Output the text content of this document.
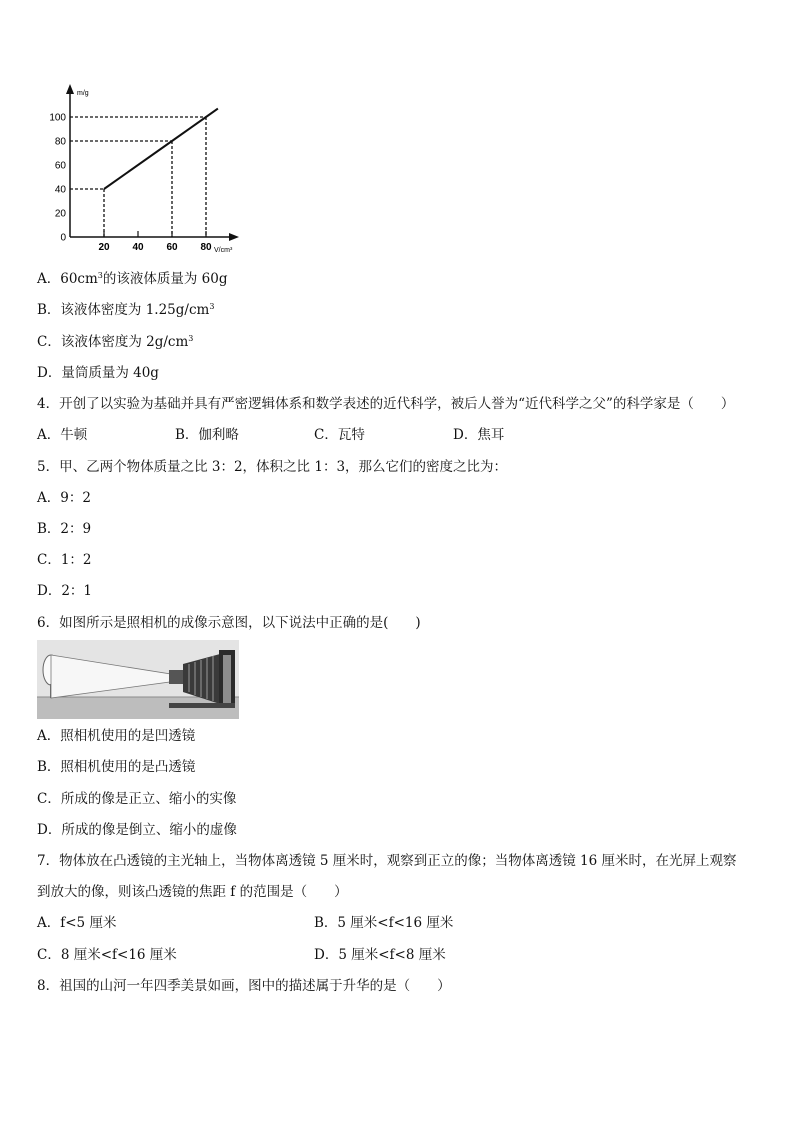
m/g
V/cm³
0
20
40
60
80
100
20 40 60 80
A．$60cm^3$的该液体质量为 60g
B．该液体密度为 $1.25g/cm^3$
C．该液体密度为 $2g/cm^3$
D．量筒质量为 40g
4．开创了以实验为基础并具有严密逻辑体系和数学表述的近代科学，被后人誉为“近代科学之父”的科学家是（　　）
A．牛顿	B．伽利略	C．瓦特	D．焦耳
5．甲、乙两个物体质量之比 3：2，体积之比 1：3，那么它们的密度之比为：
A．9：2
B．2：9
C．1：2
D．2：1
6．如图所示是照相机的成像示意图，以下说法中正确的是(　　)
A．照相机使用的是凹透镜
B．照相机使用的是凸透镜
C．所成的像是正立、缩小的实像
D．所成的像是倒立、缩小的虚像
7．物体放在凸透镜的主光轴上，当物体离透镜 5 厘米时，观察到正立的像；当物体离透镜 16 厘米时，在光屏上观察
到放大的像，则该凸透镜的焦距 f 的范围是（　　）
A．f<5 厘米	B．5 厘米<f<16 厘米
C．8 厘米<f<16 厘米	D．5 厘米<f<8 厘米
8．祖国的山河一年四季美景如画，图中的描述属于升华的是（　　）
